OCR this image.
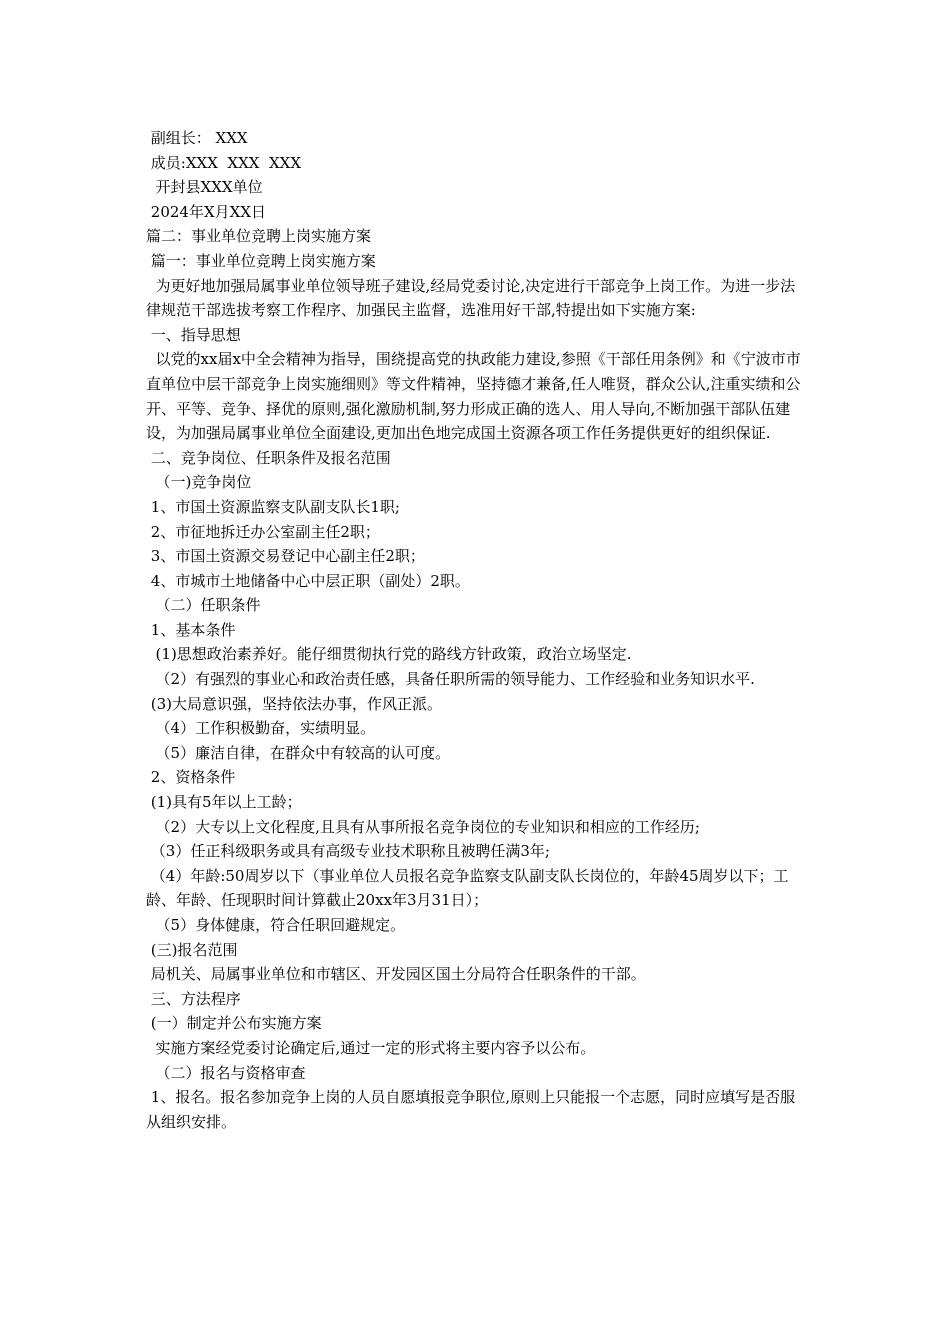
副组长： XXX

成员:XXX  XXX  XXX

开封县XXX单位

2024年X月XX日

篇二：事业单位竞聘上岗实施方案

篇一：事业单位竞聘上岗实施方案

为更好地加强局属事业单位领导班子建设,经局党委讨论,决定进行干部竞争上岗工作。为进一步法律规范干部选拔考察工作程序、加强民主监督，选准用好干部,特提出如下实施方案:

一、指导思想

以党的xx届x中全会精神为指导，围绕提高党的执政能力建设,参照《干部任用条例》和《宁波市市直单位中层干部竞争上岗实施细则》等文件精神，坚持德才兼备,任人唯贤，群众公认,注重实绩和公开、平等、竞争、择优的原则,强化激励机制,努力形成正确的选人、用人导向,不断加强干部队伍建设，为加强局属事业单位全面建设,更加出色地完成国土资源各项工作任务提供更好的组织保证.

二、竞争岗位、任职条件及报名范围

（一)竞争岗位

1、市国土资源监察支队副支队长1职;

2、市征地拆迁办公室副主任2职；

3、市国土资源交易登记中心副主任2职；

4、市城市土地储备中心中层正职（副处）2职。

（二）任职条件

1、基本条件

(1)思想政治素养好。能仔细贯彻执行党的路线方针政策，政治立场坚定.

（2）有强烈的事业心和政治责任感，具备任职所需的领导能力、工作经验和业务知识水平.

(3)大局意识强，坚持依法办事，作风正派。

（4）工作积极勤奋，实绩明显。

（5）廉洁自律，在群众中有较高的认可度。

2、资格条件

(1)具有5年以上工龄；

（2）大专以上文化程度,且具有从事所报名竞争岗位的专业知识和相应的工作经历;

（3）任正科级职务或具有高级专业技术职称且被聘任满3年;

（4）年龄:50周岁以下（事业单位人员报名竞争监察支队副支队长岗位的，年龄45周岁以下；工龄、年龄、任现职时间计算截止20xx年3月31日）；

（5）身体健康，符合任职回避规定。

(三)报名范围

局机关、局属事业单位和市辖区、开发园区国土分局符合任职条件的干部。

三、方法程序

(一）制定并公布实施方案

实施方案经党委讨论确定后,通过一定的形式将主要内容予以公布。

（二）报名与资格审查

1、报名。报名参加竞争上岗的人员自愿填报竞争职位,原则上只能报一个志愿，同时应填写是否服从组织安排。
